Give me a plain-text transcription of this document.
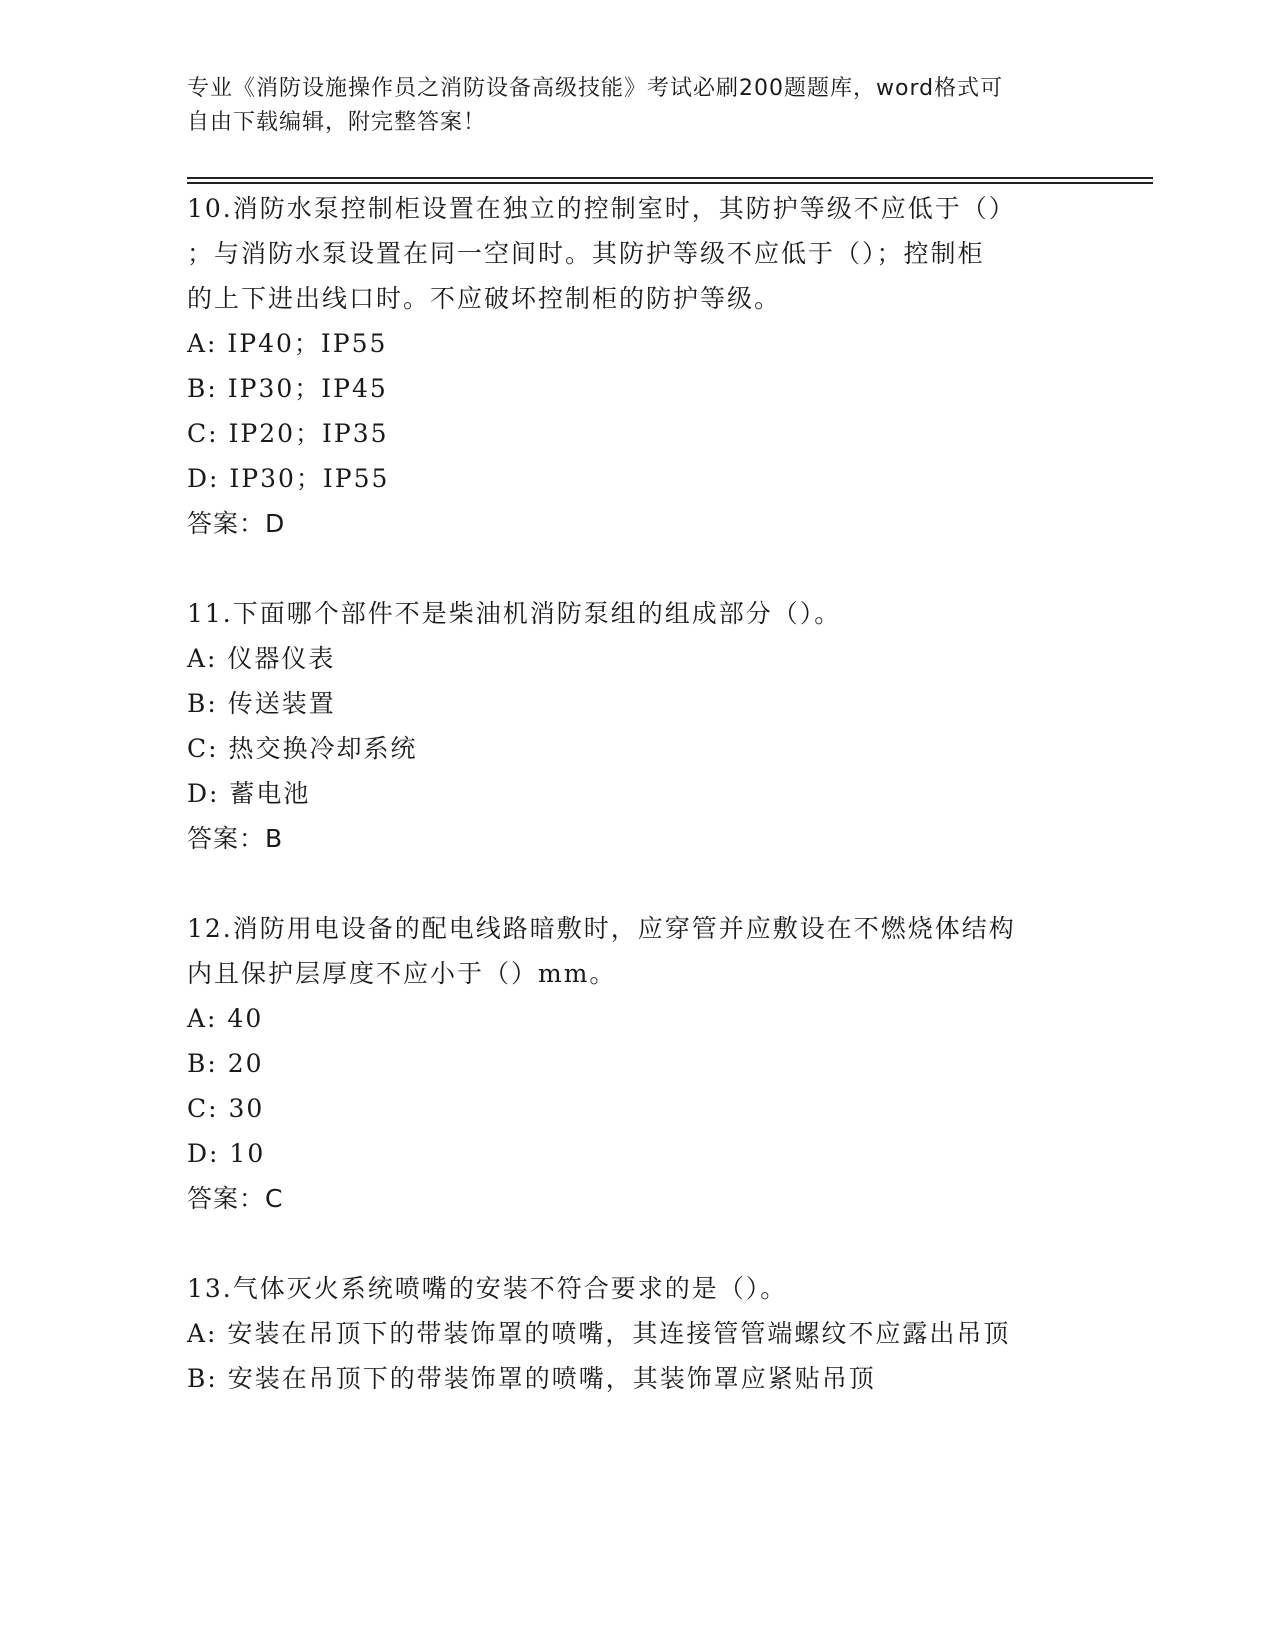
专业《消防设施操作员之消防设备高级技能》考试必刷200题题库，word格式可

自由下载编辑，附完整答案！

10.消防水泵控制柜设置在独立的控制室时，其防护等级不应低于（）

；与消防水泵设置在同一空间时。其防护等级不应低于（）；控制柜

的上下进出线口时。不应破坏控制柜的防护等级。

A: IP40；IP55

B: IP30；IP45

C: IP20；IP35

D: IP30；IP55

答案：D

11.下面哪个部件不是柴油机消防泵组的组成部分（）。

A: 仪器仪表

B: 传送装置

C: 热交换冷却系统

D: 蓄电池

答案：B

12.消防用电设备的配电线路暗敷时，应穿管并应敷设在不燃烧体结构

内且保护层厚度不应小于（）mm。

A: 40

B: 20

C: 30

D: 10

答案：C

13.气体灭火系统喷嘴的安装不符合要求的是（）。

A: 安装在吊顶下的带装饰罩的喷嘴，其连接管管端螺纹不应露出吊顶

B: 安装在吊顶下的带装饰罩的喷嘴，其装饰罩应紧贴吊顶
